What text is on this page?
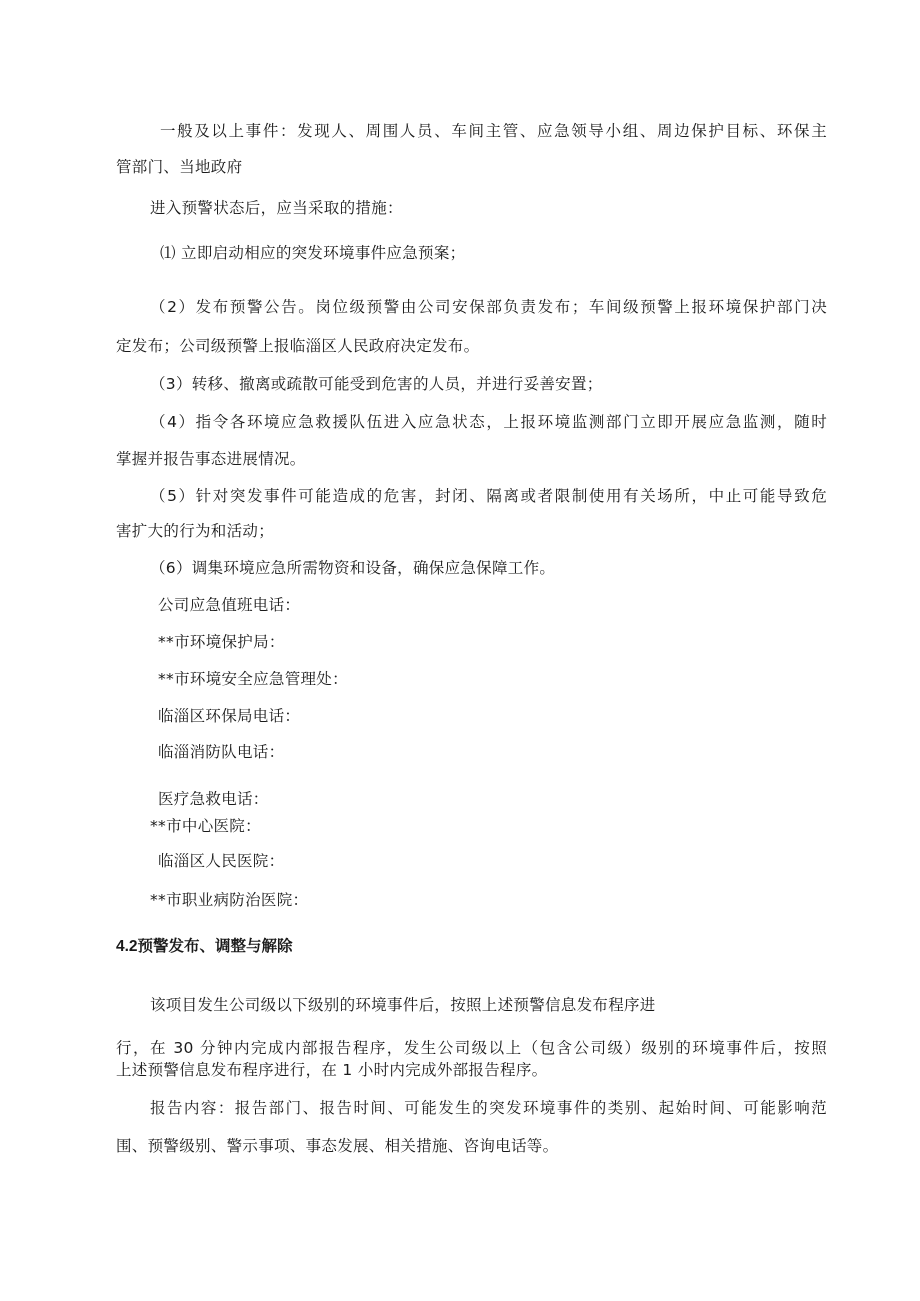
一般及以上事件：发现人、周围人员、车间主管、应急领导小组、周边保护目标、环保主
管部门、当地政府
进入预警状态后，应当采取的措施：
⑴ 立即启动相应的突发环境事件应急预案；
（2）发布预警公告。岗位级预警由公司安保部负责发布；车间级预警上报环境保护部门决
定发布；公司级预警上报临淄区人民政府决定发布。
（3）转移、撤离或疏散可能受到危害的人员，并进行妥善安置；
（4）指令各环境应急救援队伍进入应急状态，上报环境监测部门立即开展应急监测，随时
掌握并报告事态进展情况。
（5）针对突发事件可能造成的危害，封闭、隔离或者限制使用有关场所，中止可能导致危
害扩大的行为和活动；
（6）调集环境应急所需物资和设备，确保应急保障工作。
公司应急值班电话：
**市环境保护局：
**市环境安全应急管理处：
临淄区环保局电话：
临淄消防队电话：
医疗急救电话：
**市中心医院：
临淄区人民医院：
**市职业病防治医院：
4.2预警发布、调整与解除
该项目发生公司级以下级别的环境事件后，按照上述预警信息发布程序进
行，在 30 分钟内完成内部报告程序，发生公司级以上（包含公司级）级别的环境事件后，按照
上述预警信息发布程序进行，在 1 小时内完成外部报告程序。
报告内容：报告部门、报告时间、可能发生的突发环境事件的类别、起始时间、可能影响范
围、预警级别、警示事项、事态发展、相关措施、咨询电话等。
